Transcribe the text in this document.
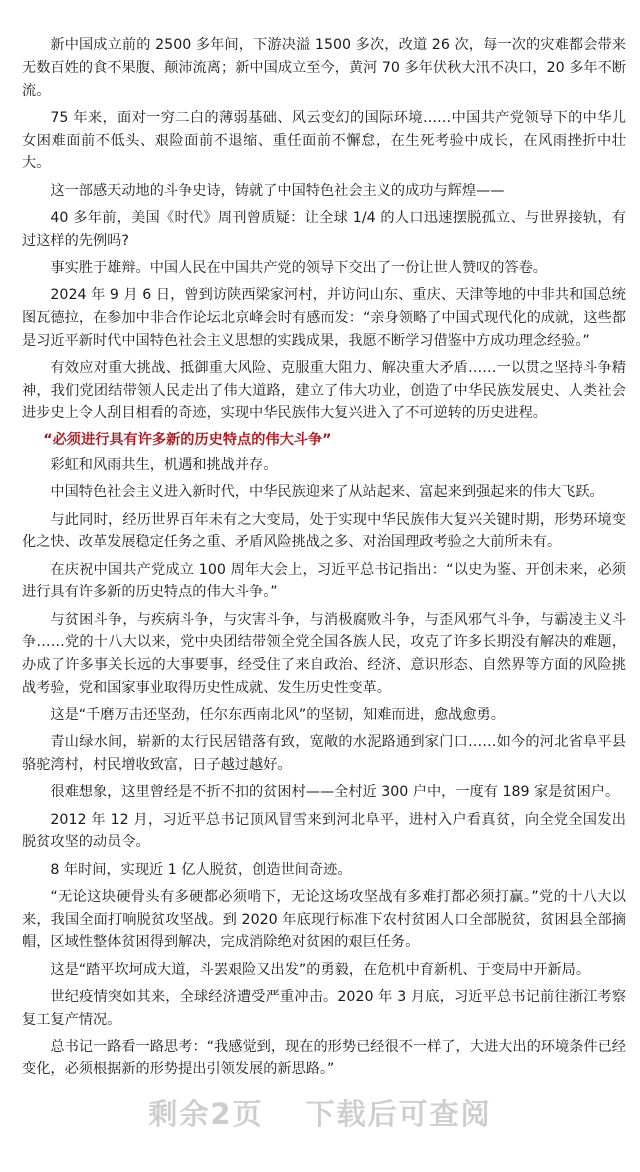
新中国成立前的 2500 多年间，下游决溢 1500 多次，改道 26 次，每一次的灾难都会带来无数百姓的食不果腹、颠沛流离；新中国成立至今，黄河 70 多年伏秋大汛不决口，20 多年不断流。

75 年来，面对一穷二白的薄弱基础、风云变幻的国际环境……中国共产党领导下的中华儿女困难面前不低头、艰险面前不退缩、重任面前不懈怠，在生死考验中成长，在风雨挫折中壮大。

这一部感天动地的斗争史诗，铸就了中国特色社会主义的成功与辉煌——

40 多年前，美国《时代》周刊曾质疑：让全球 1/4 的人口迅速摆脱孤立、与世界接轨，有过这样的先例吗?

事实胜于雄辩。中国人民在中国共产党的领导下交出了一份让世人赞叹的答卷。

2024 年 9 月 6 日，曾到访陕西梁家河村，并访问山东、重庆、天津等地的中非共和国总统图瓦德拉，在参加中非合作论坛北京峰会时有感而发：“亲身领略了中国式现代化的成就，这些都是习近平新时代中国特色社会主义思想的实践成果，我愿不断学习借鉴中方成功理念经验。”

有效应对重大挑战、抵御重大风险、克服重大阻力、解决重大矛盾……一以贯之坚持斗争精神，我们党团结带领人民走出了伟大道路，建立了伟大功业，创造了中华民族发展史、人类社会进步史上令人刮目相看的奇迹，实现中华民族伟大复兴进入了不可逆转的历史进程。

“必须进行具有许多新的历史特点的伟大斗争”

彩虹和风雨共生，机遇和挑战并存。

中国特色社会主义进入新时代，中华民族迎来了从站起来、富起来到强起来的伟大飞跃。

与此同时，经历世界百年未有之大变局，处于实现中华民族伟大复兴关键时期，形势环境变化之快、改革发展稳定任务之重、矛盾风险挑战之多、对治国理政考验之大前所未有。

在庆祝中国共产党成立 100 周年大会上，习近平总书记指出：“以史为鉴、开创未来，必须进行具有许多新的历史特点的伟大斗争。”

与贫困斗争，与疾病斗争，与灾害斗争，与消极腐败斗争，与歪风邪气斗争，与霸凌主义斗争……党的十八大以来，党中央团结带领全党全国各族人民，攻克了许多长期没有解决的难题，办成了许多事关长远的大事要事，经受住了来自政治、经济、意识形态、自然界等方面的风险挑战考验，党和国家事业取得历史性成就、发生历史性变革。

这是“千磨万击还坚劲，任尔东西南北风”的坚韧，知难而进，愈战愈勇。

青山绿水间，崭新的太行民居错落有致，宽敞的水泥路通到家门口……如今的河北省阜平县骆驼湾村，村民增收致富，日子越过越好。

很难想象，这里曾经是不折不扣的贫困村——全村近 300 户中，一度有 189 家是贫困户。

2012 年 12 月，习近平总书记顶风冒雪来到河北阜平，进村入户看真贫，向全党全国发出脱贫攻坚的动员令。

8 年时间，实现近 1 亿人脱贫，创造世间奇迹。

“无论这块硬骨头有多硬都必须啃下，无论这场攻坚战有多难打都必须打赢。”党的十八大以来，我国全面打响脱贫攻坚战。到 2020 年底现行标准下农村贫困人口全部脱贫，贫困县全部摘帽，区域性整体贫困得到解决，完成消除绝对贫困的艰巨任务。

这是“踏平坎坷成大道，斗罢艰险又出发”的勇毅，在危机中育新机、于变局中开新局。

世纪疫情突如其来，全球经济遭受严重冲击。2020 年 3 月底，习近平总书记前往浙江考察复工复产情况。

总书记一路看一路思考：“我感觉到，现在的形势已经很不一样了，大进大出的环境条件已经变化，必须根据新的形势提出引领发展的新思路。”

剩余2页 下载后可查阅
